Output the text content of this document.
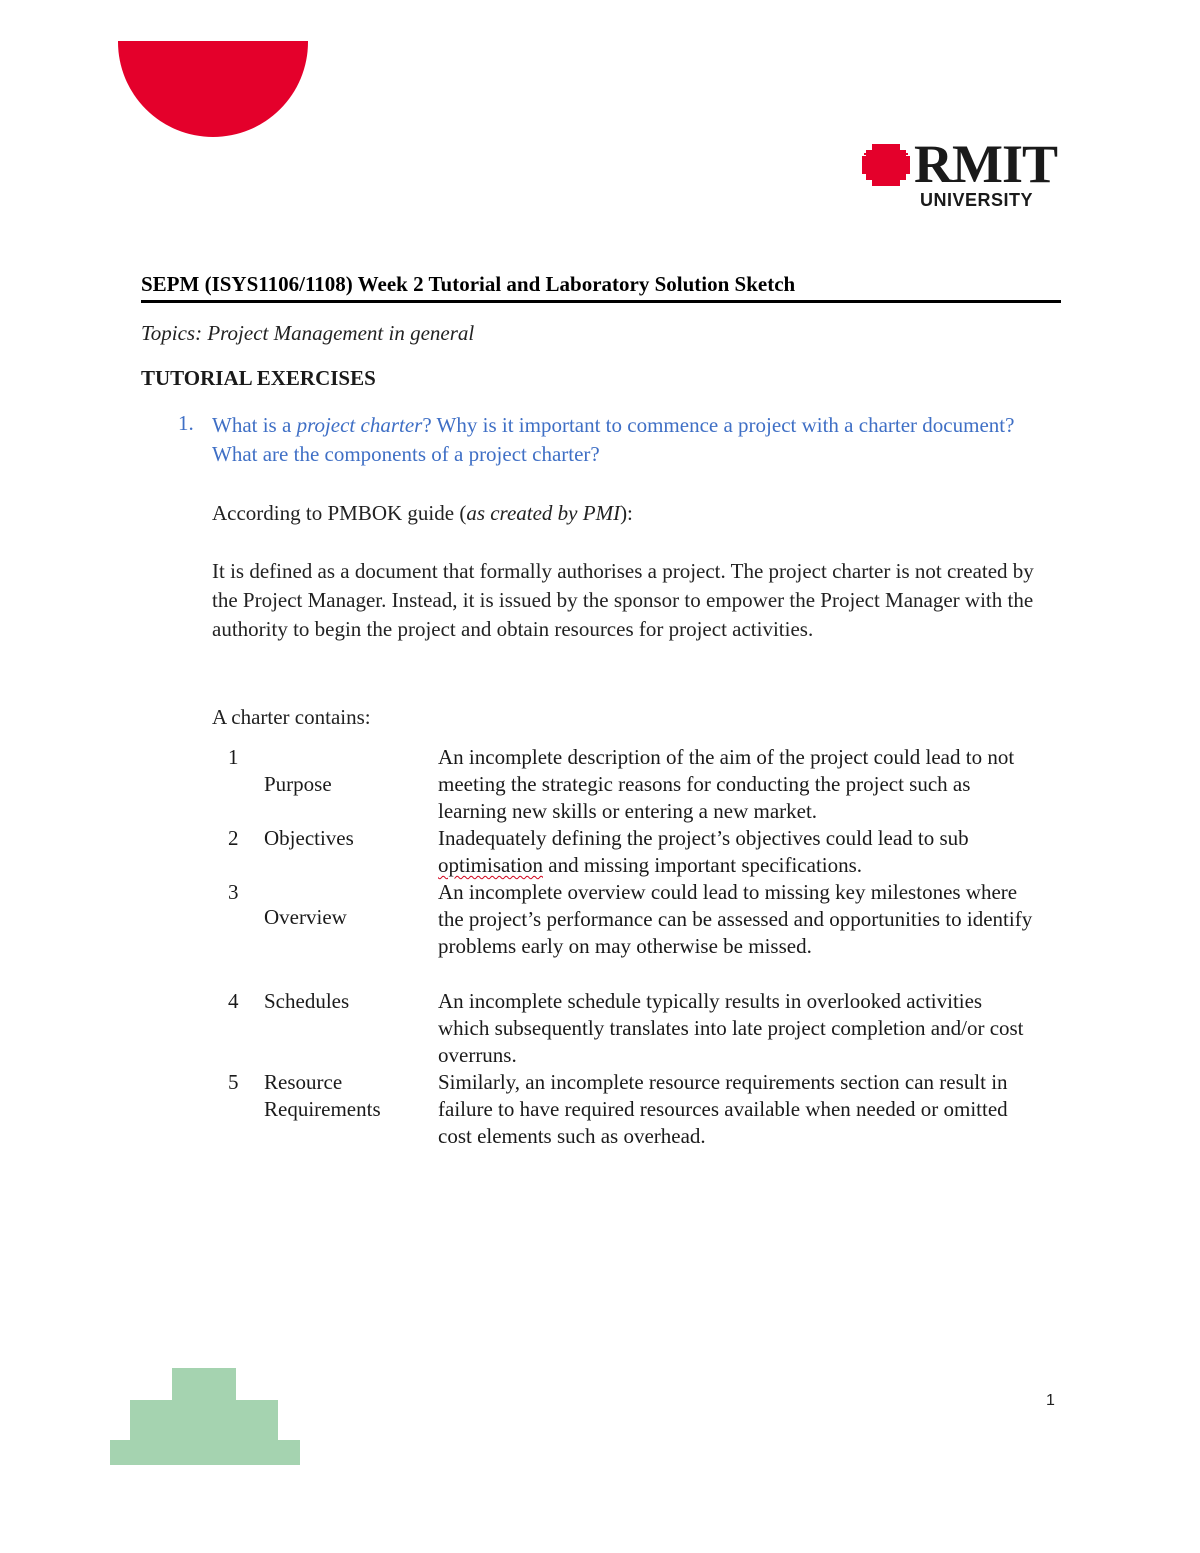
RMIT
UNIVERSITY
SEPM (ISYS1106/1108) Week 2 Tutorial and Laboratory Solution Sketch
Topics: Project Management in general
TUTORIAL EXERCISES
1. What is a project charter? Why is it important to commence a project with a charter document? What are the components of a project charter?
According to PMBOK guide (as created by PMI):
It is defined as a document that formally authorises a project. The project charter is not created by the Project Manager. Instead, it is issued by the sponsor to empower the Project Manager with the authority to begin the project and obtain resources for project activities.
A charter contains:
1	Purpose	An incomplete description of the aim of the project could lead to not meeting the strategic reasons for conducting the project such as learning new skills or entering a new market.
2	Objectives	Inadequately defining the project’s objectives could lead to sub optimisation and missing important specifications.
3	Overview	An incomplete overview could lead to missing key milestones where the project’s performance can be assessed and opportunities to identify problems early on may otherwise be missed.

4	Schedules	An incomplete schedule typically results in overlooked activities which subsequently translates into late project completion and/or cost overruns.
5	Resource Requirements	Similarly, an incomplete resource requirements section can result in failure to have required resources available when needed or omitted cost elements such as overhead.
1
